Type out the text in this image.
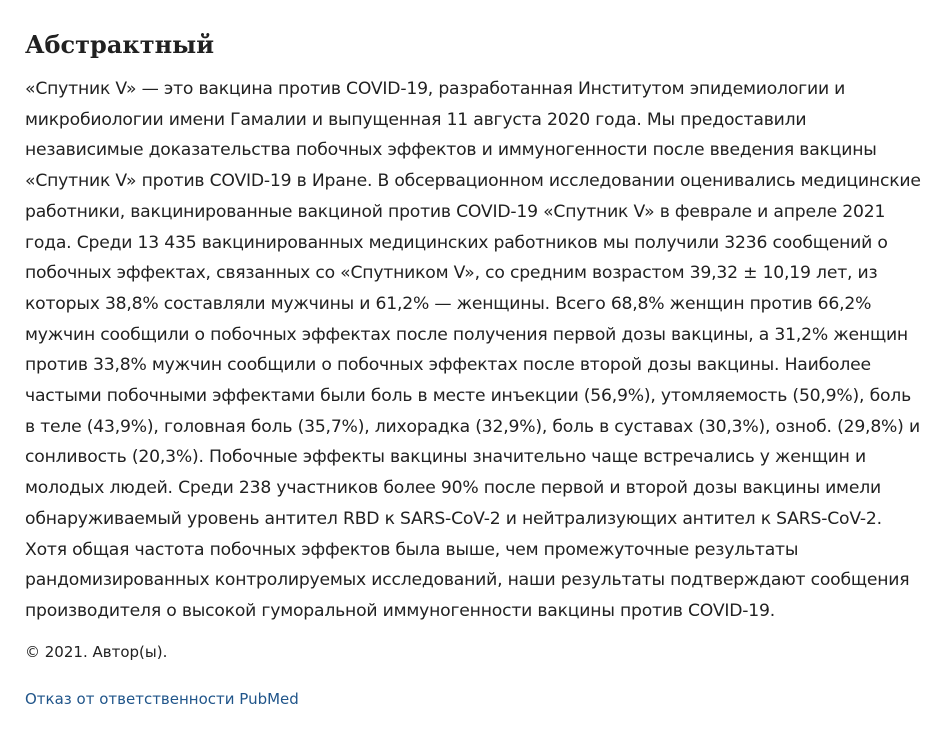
Абстрактный

«Спутник V» — это вакцина против COVID-19, разработанная Институтом эпидемиологии и микробиологии имени Гамалии и выпущенная 11 августа 2020 года. Мы предоставили независимые доказательства побочных эффектов и иммуногенности после введения вакцины «Спутник V» против COVID-19 в Иране. В обсервационном исследовании оценивались медицинские работники, вакцинированные вакциной против COVID-19 «Спутник V» в феврале и апреле 2021 года. Среди 13 435 вакцинированных медицинских работников мы получили 3236 сообщений о побочных эффектах, связанных со «Спутником V», со средним возрастом 39,32 ± 10,19 лет, из которых 38,8% составляли мужчины и 61,2% — женщины. Всего 68,8% женщин против 66,2% мужчин сообщили о побочных эффектах после получения первой дозы вакцины, а 31,2% женщин против 33,8% мужчин сообщили о побочных эффектах после второй дозы вакцины. Наиболее частыми побочными эффектами были боль в месте инъекции (56,9%), утомляемость (50,9%), боль в теле (43,9%), головная боль (35,7%), лихорадка (32,9%), боль в суставах (30,3%), озноб. (29,8%) и сонливость (20,3%). Побочные эффекты вакцины значительно чаще встречались у женщин и молодых людей. Среди 238 участников более 90% после первой и второй дозы вакцины имели обнаруживаемый уровень антител RBD к SARS-CoV-2 и нейтрализующих антител к SARS-CoV-2. Хотя общая частота побочных эффектов была выше, чем промежуточные результаты рандомизированных контролируемых исследований, наши результаты подтверждают сообщения производителя о высокой гуморальной иммуногенности вакцины против COVID-19.

© 2021. Автор(ы).

Отказ от ответственности PubMed
